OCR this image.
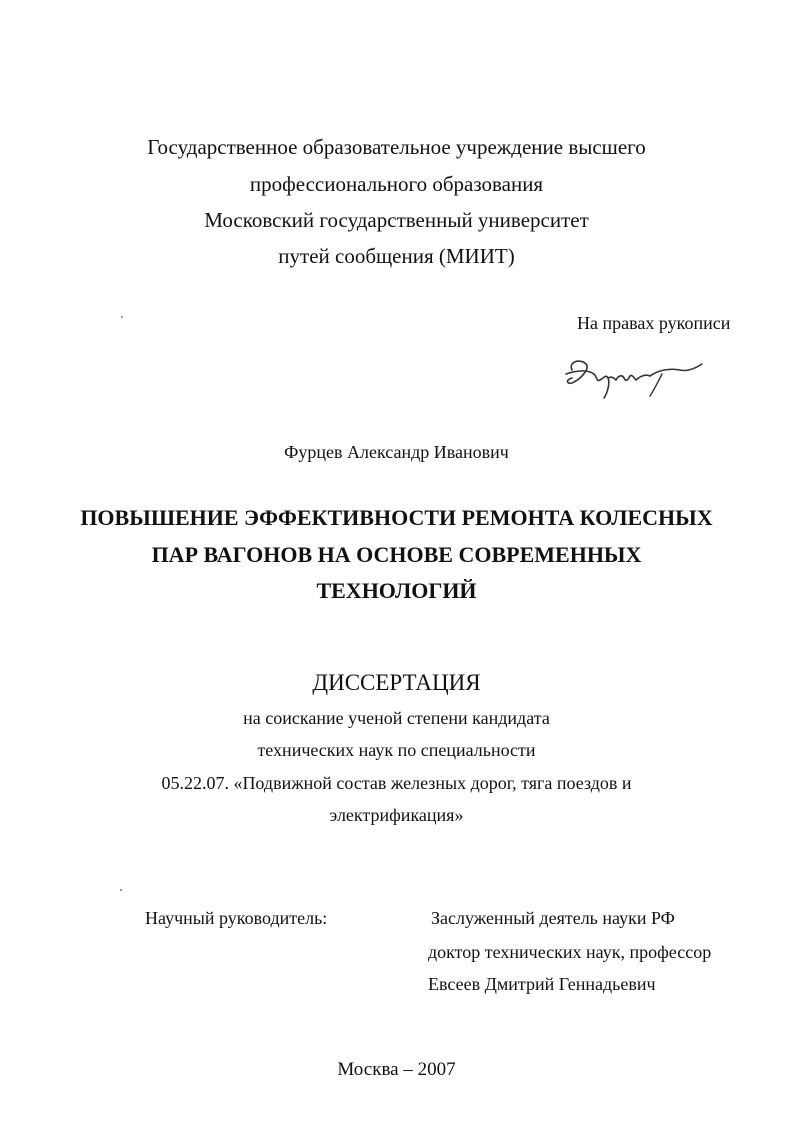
Государственное образовательное учреждение высшего
профессионального образования
Московский государственный университет
путей сообщения (МИИТ)
На правах рукописи
Фурцев Александр Иванович
ПОВЫШЕНИЕ ЭФФЕКТИВНОСТИ РЕМОНТА КОЛЕСНЫХ
ПАР ВАГОНОВ НА ОСНОВЕ СОВРЕМЕННЫХ
ТЕХНОЛОГИЙ
ДИССЕРТАЦИЯ
на соискание ученой степени кандидата
технических наук по специальности
05.22.07. «Подвижной состав железных дорог, тяга поездов и
электрификация»
Научный руководитель:	Заслуженный деятель науки РФ
доктор технических наук, профессор
Евсеев Дмитрий Геннадьевич
Москва – 2007
